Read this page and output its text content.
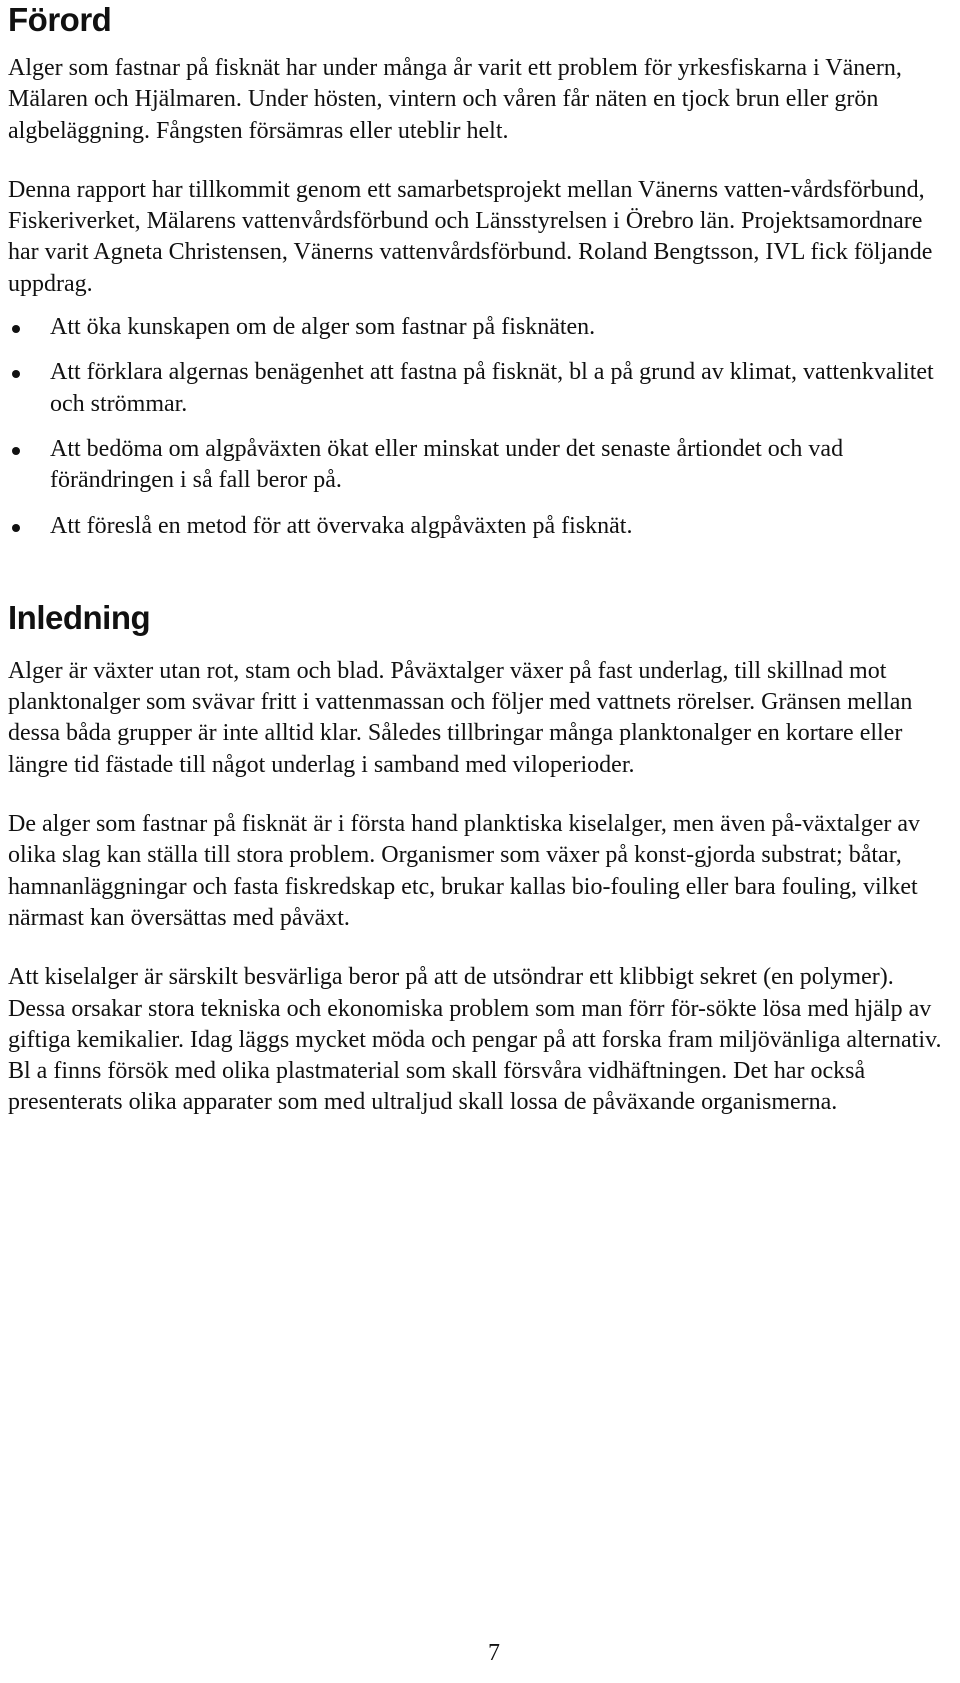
Förord

Alger som fastnar på fisknät har under många år varit ett problem för yrkesfiskarna i Vänern, Mälaren och Hjälmaren. Under hösten, vintern och våren får näten en tjock brun eller grön algbeläggning. Fångsten försämras eller uteblir helt.

Denna rapport har tillkommit genom ett samarbetsprojekt mellan Vänerns vatten-vårdsförbund, Fiskeriverket, Mälarens vattenvårdsförbund och Länsstyrelsen i Örebro län. Projektsamordnare har varit Agneta Christensen, Vänerns vattenvårdsförbund. Roland Bengtsson, IVL fick följande uppdrag.

Att öka kunskapen om de alger som fastnar på fisknäten.
Att förklara algernas benägenhet att fastna på fisknät, bl a på grund av klimat, vattenkvalitet och strömmar.
Att bedöma om algpåväxten ökat eller minskat under det senaste årtiondet och vad förändringen i så fall beror på.
Att föreslå en metod för att övervaka algpåväxten på fisknät.
Inledning

Alger är växter utan rot, stam och blad. Påväxtalger växer på fast underlag, till skillnad mot planktonalger som svävar fritt i vattenmassan och följer med vattnets rörelser. Gränsen mellan dessa båda grupper är inte alltid klar. Således tillbringar många planktonalger en kortare eller längre tid fästade till något underlag i samband med viloperioder.

De alger som fastnar på fisknät är i första hand planktiska kiselalger, men även på-växtalger av olika slag kan ställa till stora problem. Organismer som växer på konst-gjorda substrat; båtar, hamnanläggningar och fasta fiskredskap etc, brukar kallas bio-fouling eller bara fouling, vilket närmast kan översättas med påväxt.

Att kiselalger är särskilt besvärliga beror på att de utsöndrar ett klibbigt sekret (en polymer). Dessa orsakar stora tekniska och ekonomiska problem som man förr för-sökte lösa med hjälp av giftiga kemikalier. Idag läggs mycket möda och pengar på att forska fram miljövänliga alternativ. Bl a finns försök med olika plastmaterial som skall försvåra vidhäftningen. Det har också presenterats olika apparater som med ultraljud skall lossa de påväxande organismerna.

7
